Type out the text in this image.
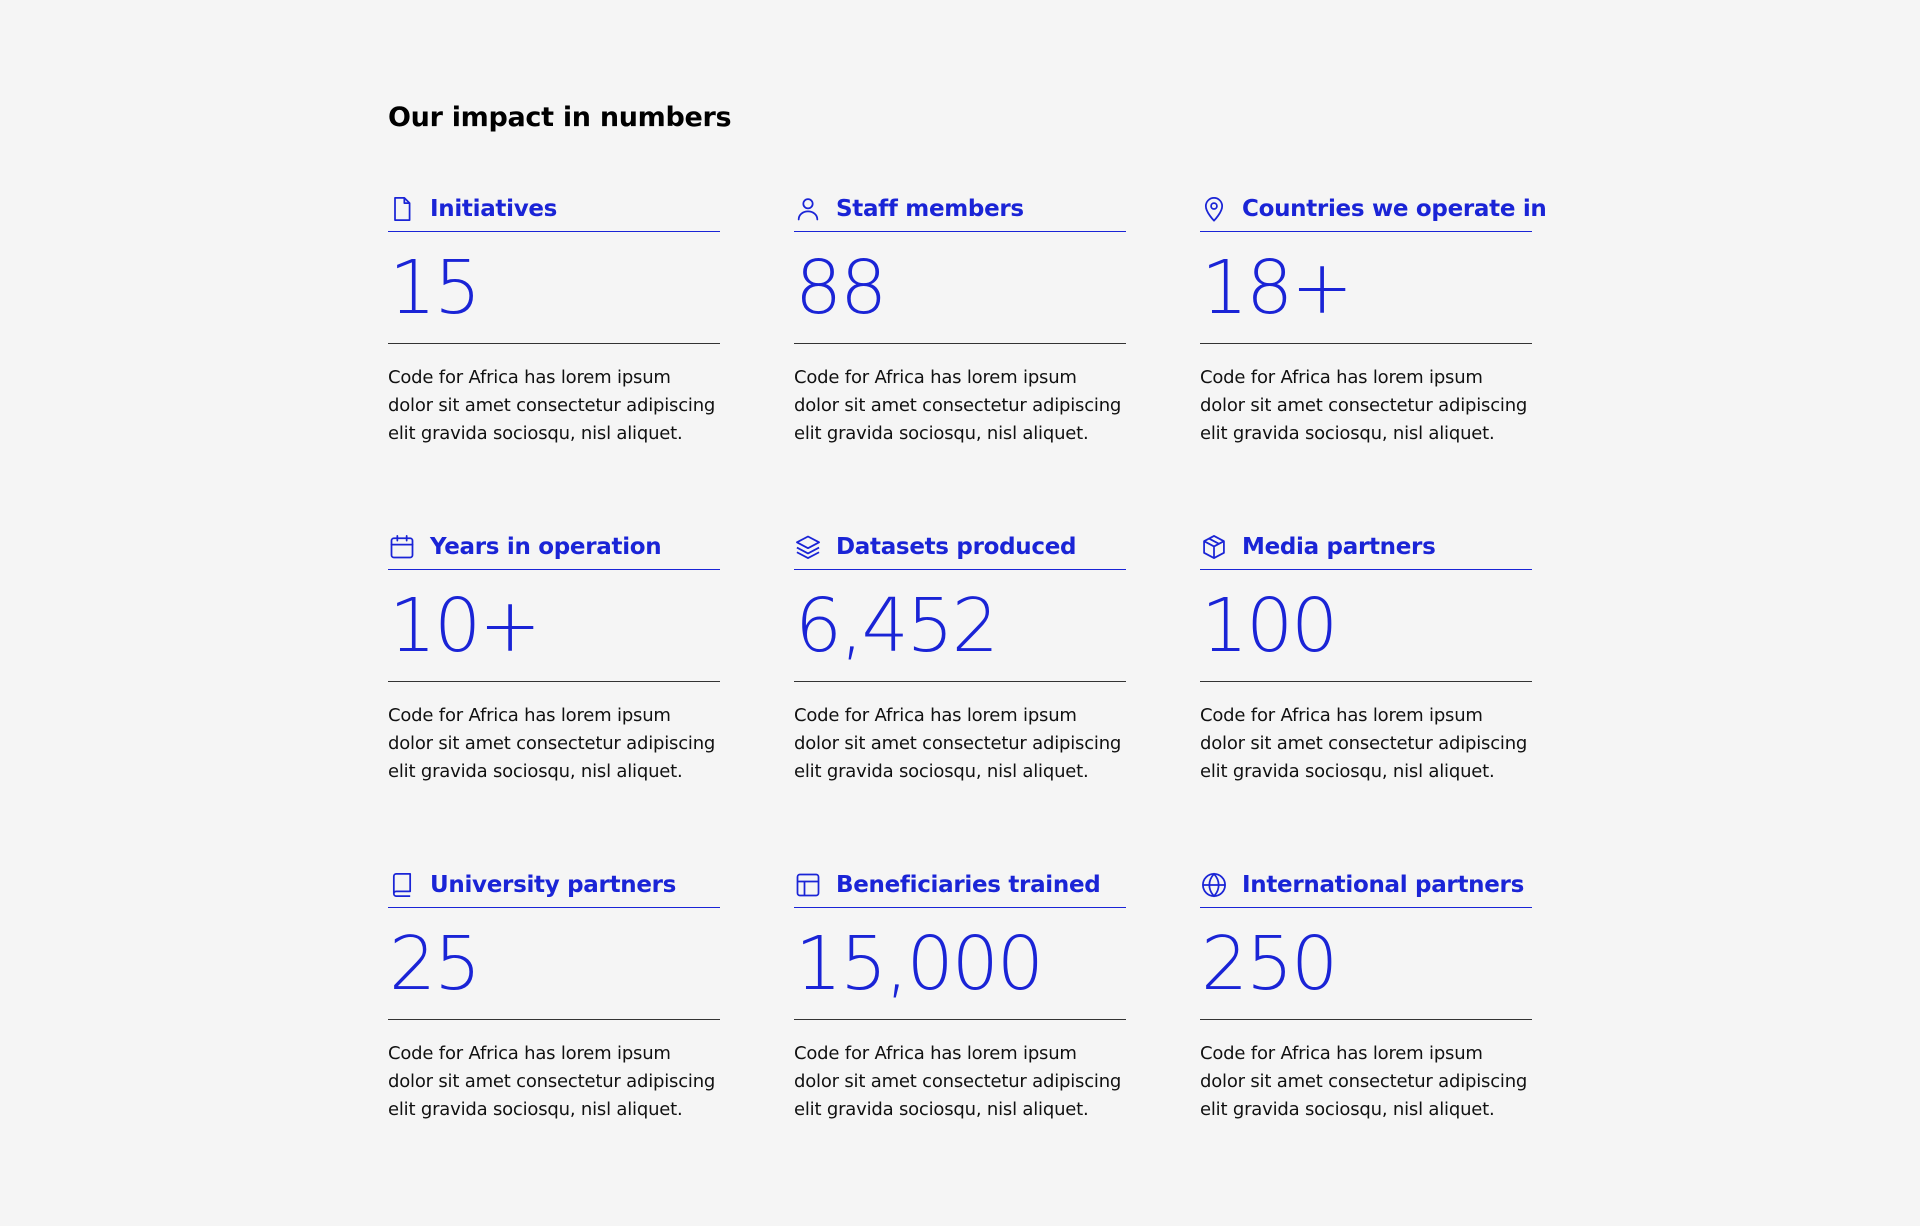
Our impact in numbers
Initiatives
15
Code for Africa has lorem ipsum dolor sit amet consectetur adipiscing elit gravida sociosqu, nisl aliquet.
Staff members
88
Code for Africa has lorem ipsum dolor sit amet consectetur adipiscing elit gravida sociosqu, nisl aliquet.
Countries we operate in
18+
Code for Africa has lorem ipsum dolor sit amet consectetur adipiscing elit gravida sociosqu, nisl aliquet.
Years in operation
10+
Code for Africa has lorem ipsum dolor sit amet consectetur adipiscing elit gravida sociosqu, nisl aliquet.
Datasets produced
6,452
Code for Africa has lorem ipsum dolor sit amet consectetur adipiscing elit gravida sociosqu, nisl aliquet.
Media partners
100
Code for Africa has lorem ipsum dolor sit amet consectetur adipiscing elit gravida sociosqu, nisl aliquet.
University partners
25
Code for Africa has lorem ipsum dolor sit amet consectetur adipiscing elit gravida sociosqu, nisl aliquet.
Beneficiaries trained
15,000
Code for Africa has lorem ipsum dolor sit amet consectetur adipiscing elit gravida sociosqu, nisl aliquet.
International partners
250
Code for Africa has lorem ipsum dolor sit amet consectetur adipiscing elit gravida sociosqu, nisl aliquet.
